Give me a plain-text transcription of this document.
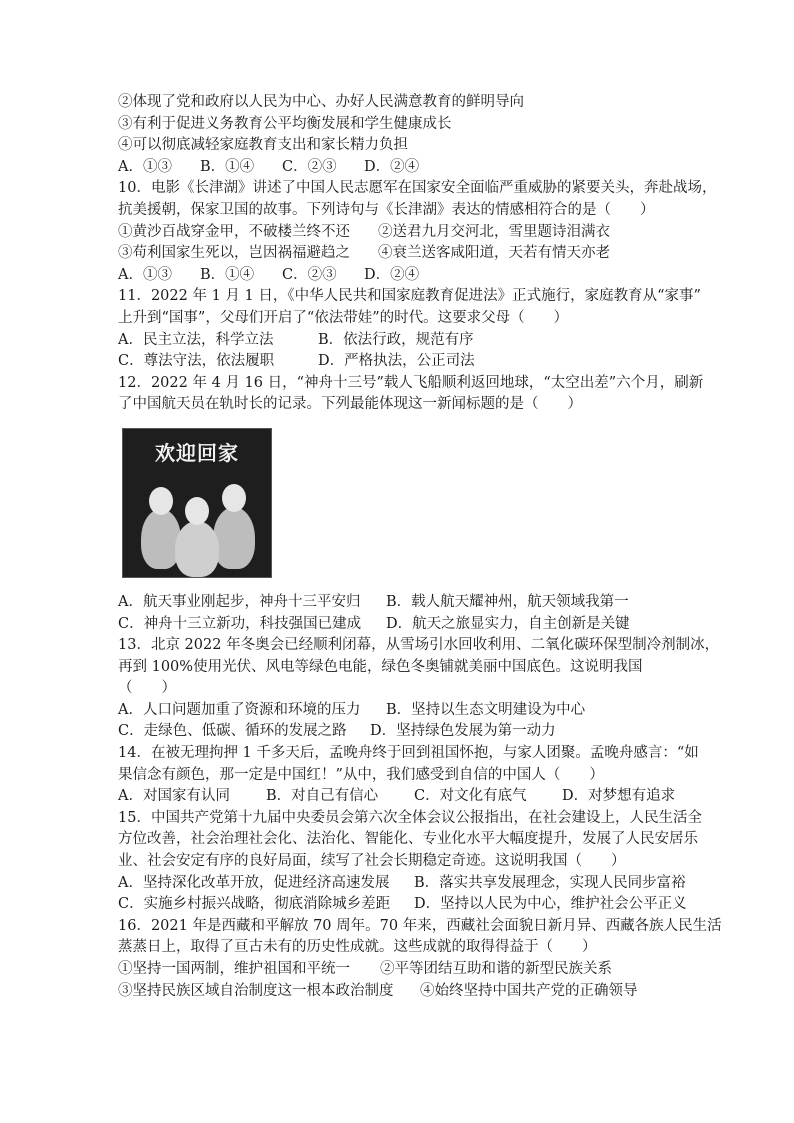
②体现了党和政府以人民为中心、办好人民满意教育的鲜明导向
③有利于促进义务教育公平均衡发展和学生健康成长
④可以彻底减轻家庭教育支出和家长精力负担
A．①③	B．①④	C．②③	D．②④
10．电影《长津湖》讲述了中国人民志愿军在国家安全面临严重威胁的紧要关头，奔赴战场，
抗美援朝，保家卫国的故事。下列诗句与《长津湖》表达的情感相符合的是（　　）
①黄沙百战穿金甲，不破楼兰终不还	②送君九月交河北，雪里题诗泪满衣
③苟利国家生死以，岂因祸福避趋之	④衰兰送客咸阳道，天若有情天亦老
A．①③	B．①④	C．②③	D．②④
11．2022 年 1 月 1 日，《中华人民共和国家庭教育促进法》正式施行，家庭教育从“家事”
上升到“国事”，父母们开启了“依法带娃”的时代。这要求父母（　　）
A．民主立法，科学立法	B．依法行政，规范有序
C．尊法守法，依法履职	D．严格执法，公正司法
12．2022 年 4 月 16 日，“神舟十三号”载人飞船顺利返回地球，“太空出差”六个月，刷新
了中国航天员在轨时长的记录。下列最能体现这一新闻标题的是（　　）
欢迎回家
A．航天事业刚起步，神舟十三平安归	B．载人航天耀神州，航天领域我第一
C．神舟十三立新功，科技强国已建成	D．航天之旅显实力，自主创新是关键
13．北京 2022 年冬奥会已经顺利闭幕，从雪场引水回收利用、二氧化碳环保型制冷剂制冰，
再到 100%使用光伏、风电等绿色电能，绿色冬奥铺就美丽中国底色。这说明我国
（　　）
A．人口问题加重了资源和环境的压力	B．坚持以生态文明建设为中心
C．走绿色、低碳、循环的发展之路	D．坚持绿色发展为第一动力
14．在被无理拘押 1 千多天后，孟晚舟终于回到祖国怀抱，与家人团聚。孟晚舟感言：“如
果信念有颜色，那一定是中国红！”从中，我们感受到自信的中国人（　　）
A．对国家有认同	B．对自己有信心	C．对文化有底气	D．对梦想有追求
15．中国共产党第十九届中央委员会第六次全体会议公报指出，在社会建设上，人民生活全
方位改善，社会治理社会化、法治化、智能化、专业化水平大幅度提升，发展了人民安居乐
业、社会安定有序的良好局面，续写了社会长期稳定奇迹。这说明我国（　　）
A．坚持深化改革开放，促进经济高速发展	B．落实共享发展理念，实现人民同步富裕
C．实施乡村振兴战略，彻底消除城乡差距	D．坚持以人民为中心，维护社会公平正义
16．2021 年是西藏和平解放 70 周年。70 年来，西藏社会面貌日新月异、西藏各族人民生活
蒸蒸日上，取得了亘古未有的历史性成就。这些成就的取得得益于（　　）
①坚持一国两制，维护祖国和平统一	②平等团结互助和谐的新型民族关系
③坚持民族区域自治制度这一根本政治制度	④始终坚持中国共产党的正确领导
